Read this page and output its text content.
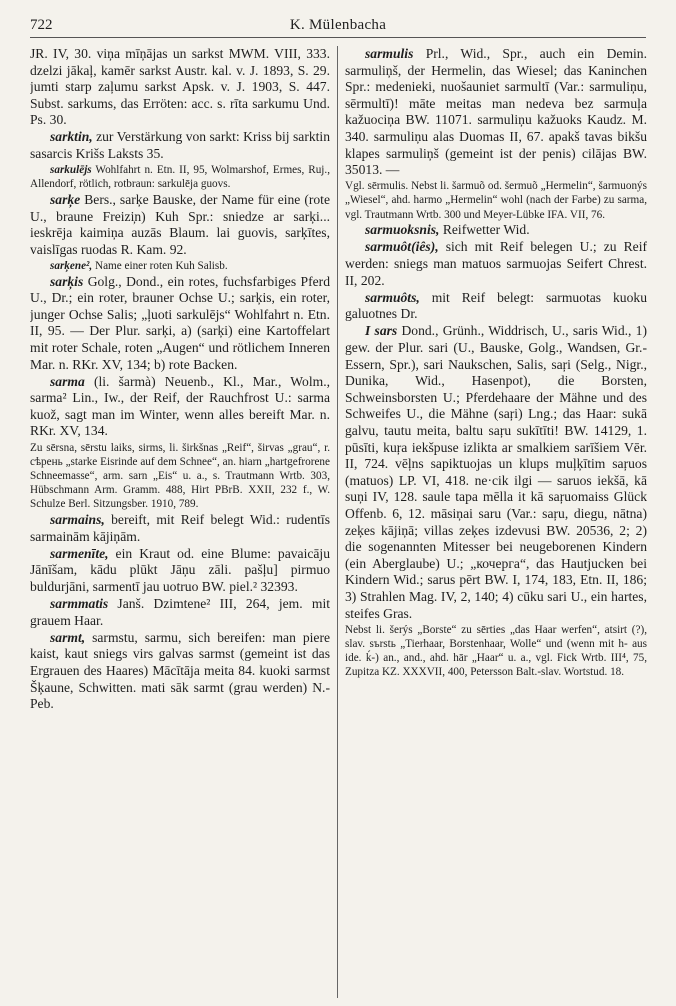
722	K. Mülenbacha

JR. IV, 30. viņa mīņājas un sarkst MWM. VIII, 333. dzelzi jākaļ, kamēr sarkst Austr. kal. v. J. 1893, S. 29. jumti starp zaļumu sarkst Apsk. v. J. 1903, S. 447. Subst. sarkums, das Erröten: acc. s. rīta sarkumu Und. Ps. 30.

sarktin, zur Verstärkung von sarkt: Kriss bij sarktin sasarcis Krišs Laksts 35.

sarkulējs Wohlfahrt n. Etn. II, 95, Wolmarshof, Ermes, Ruj., Allendorf, rötlich, rotbraun: sarkulēja guovs.

sarķe Bers., sarķe Bauske, der Name für eine (rote U., braune Freizi̦n) Kuh Spr.: sniedze ar sarķi... ieskrēja kaimiņa auzās Blaum. lai guovis, sarķītes, vaislīgas ruodas R. Kam. 92.

sarķene², Name einer roten Kuh Salisb.

sarķis Golg., Dond., ein rotes, fuchsfarbiges Pferd U., Dr.; ein roter, brauner Ochse U.; sarķis, ein roter, junger Ochse Salis; „ļuoti sarkulējs“ Wohlfahrt n. Etn. II, 95. — Der Plur. sarķi, a) (sarķi) eine Kartoffelart mit roter Schale, roten „Augen“ und rötlichem Inneren Mar. n. RKr. XV, 134; b) rote Backen.

sarma (li. šarmà) Neuenb., Kl., Mar., Wolm., sarma² Lin., Iw., der Reif, der Rauchfrost U.: sarma kuož, sagt man im Winter, wenn alles bereift Mar. n. RKr. XV, 134.

Zu sērsna, sērstu laiks, sirms, li. širkšnas „Reif“, širvas „grau“, r. сѣрень „starke Eisrinde auf dem Schnee“, an. hiarn „hartgefrorene Schneemasse“, arm. sarn „Eis“ u. a., s. Trautmann Wrtb. 303, Hübschmann Arm. Gramm. 488, Hirt PBrB. XXII, 232 f., W. Schulze Berl. Sitzungsber. 1910, 789.

sarmains, bereift, mit Reif belegt Wid.: rudentīs sarmainām kājiņām.

sarmenīte, ein Kraut od. eine Blume: pavaicāju Jānīšam, kādu plūkt Jāņu zāli. pašļu] pirmuo buldurjāni, sarmentī jau uotruo BW. piel.² 32393.

sarmmatis Janš. Dzimtene² III, 264, jem. mit grauem Haar.

sarmt, sarmstu, sarmu, sich bereifen: man piere kaist, kaut sniegs virs galvas sarmst (gemeint ist das Ergrauen des Haares) Mācītāja meita 84. kuoki sarmst Šķaune, Schwitten. mati sāk sarmt (grau werden) N.-Peb.

sarmulis Prl., Wid., Spr., auch ein Demin. sarmuliņš, der Hermelin, das Wiesel; das Kaninchen Spr.: medenieki, nuošauniet sarmultī (Var.: sarmuliņu, sērmultī)! māte meitas man nedeva bez sarmuļa kažuociņa BW. 11071. sarmuliņu kažuoks Kaudz. M. 340. sarmuliņu alas Duomas II, 67. apakš tavas bikšu klapes sarmuliņš (gemeint ist der penis) cilājas BW. 35013. —

Vgl. sērmulis. Nebst li. šarmuõ od. šermuõ „Hermelin“, šarmuonýs „Wiesel“, ahd. harmo „Hermelin“ wohl (nach der Farbe) zu sarma, vgl. Trautmann Wrtb. 300 und Meyer-Lübke IFA. VII, 76.

sarmuoksnis, Reifwetter Wid.

sarmuôt(iês), sich mit Reif belegen U.; zu Reif werden: sniegs man matuos sarmuojas Seifert Chrest. II, 202.

sarmuôts, mit Reif belegt: sarmuotas kuoku galuotnes Dr.

I sars Dond., Grünh., Widdrisch, U., saris Wid., 1) gew. der Plur. sari (U., Bauske, Golg., Wandsen, Gr.-Essern, Spr.), sari Naukschen, Salis, saŗi (Selg., Nigr., Dunika, Wid., Hasenpot), die Borsten, Schweinsborsten U.; Pferdehaare der Mähne und des Schweifes U., die Mähne (saŗi) Lng.; das Haar: sukā galvu, tautu meita, baltu saŗu sukītīti! BW. 14129, 1. pūsīti, kuŗa iekšpuse izlikta ar smalkiem sarīšiem Vēr. II, 724. vēļns sapiktuojas un klups muļķītim saŗuos (matuos) LP. VI, 418. ne·cik ilgi — saruos iekšā, kā suņi IV, 128. saule tapa mēlla it kā saŗuomaiss Glück Offenb. 6, 12. māsiņai saru (Var.: saŗu, diegu, nātna) zeķes kājiņā; villas zeķes izdevusi BW. 20536, 2; 2) die sogenannten Mitesser bei neugeborenen Kindern (ein Aberglaube) U.; „кочерга“, das Hautjucken bei Kindern Wid.; sarus pērt BW. I, 174, 183, Etn. II, 186; 3) Strahlen Mag. IV, 2, 140; 4) cūku sari U., ein hartes, steifes Gras.

Nebst li. šerýs „Borste“ zu sērties „das Haar werfen“, atsirt (?), slav. sъrstь „Tierhaar, Borstenhaar, Wolle“ und (wenn mit h- aus ide. ḱ-) an., and., ahd. hār „Haar“ u. a., vgl. Fick Wrtb. III⁴, 75, Zupitza KZ. XXXVII, 400, Petersson Balt.-slav. Wortstud. 18.
